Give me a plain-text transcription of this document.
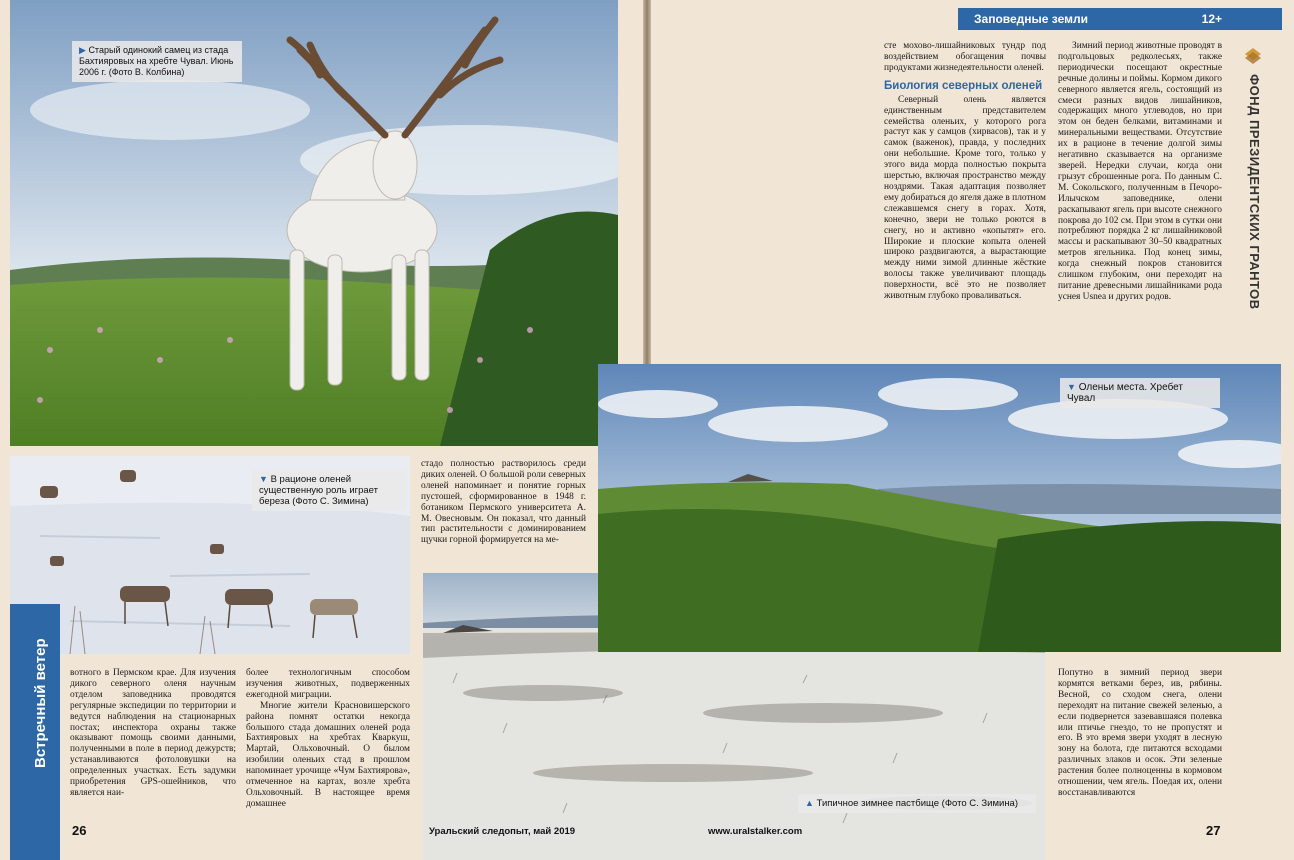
▶ Старый одинокий самец из стада Бахтияровых на хребте Чувал. Июнь 2006 г. (Фото В. Колбина)
▼ В рационе оленей существенную роль играет береза (Фото С. Зимина)

стадо полностью растворилось среди диких оленей. О большой роли северных оленей напоминает и понятие горных пустошей, сформированное в 1948 г. ботаником Пермского университета А. М. Овесновым. Он показал, что данный тип растительности с доминированием щучки горной формируется на ме-

Встречный ветер вотного в Пермском крае. Для изучения дикого северного оленя научным отделом заповедника проводятся регулярные экспедиции по территории и ведутся наблюдения на стационарных постах; инспектора охраны также оказывают помощь своими данными, полученными в поле в период дежурств; устанавливаются фотоловушки на определенных участках. Есть задумки приобретения GPS-ошейников, что является наи-

более технологичным способом изучения животных, подверженных ежегодной миграции.

Многие жители Красновишерского района помнят остатки некогда большого стада домашних оленей рода Бахтияровых на хребтах Кваркуш, Мартай, Ольховочный. О былом изобилии оленьих стад в прошлом напоминает урочище «Чум Бахтиярова», отмеченное на картах, возле хребта Ольховочный. В настоящее время домашнее

26
▲ Типичное зимнее пастбище (Фото С. Зимина)
Уральский следопыт, май 2019	www.uralstalker.com
▼ Оленьи места. Хребет Чувал
Заповедные земли	12+
ФОНД ПРЕЗИДЕНТСКИХ ГРАНТОВ

сте мохово-лишайниковых тундр под воздействием обогащения почвы продуктами жизнедеятельности оленей.

Биология северных оленей

Северный олень является единственным представителем семейства оленьих, у которого рога растут как у самцов (хирвасов), так и у самок (важенок), правда, у последних они небольшие. Кроме того, только у этого вида морда полностью покрыта шерстью, включая пространство между ноздрями. Такая адаптация позволяет ему добираться до ягеля даже в плотном слежавшемся снегу в горах. Хотя, конечно, звери не только роются в снегу, но и активно «копытят» его. Широкие и плоские копыта оленей широко раздвигаются, а вырастающие между ними зимой длинные жёсткие волосы также увеличивают площадь поверхности, всё это не позволяет животным глубоко проваливаться.

Зимний период животные проводят в подгольцовых редколесьях, также периодически посещают окрестные речные долины и поймы. Кормом дикого северного является ягель, состоящий из смеси разных видов лишайников, содержащих много углеводов, но при этом он беден белками, витаминами и минеральными веществами. Отсутствие их в рационе в течение долгой зимы негативно сказывается на организме зверей. Нередки случаи, когда они грызут сброшенные рога. По данным С. М. Сокольского, полученным в Печоро-Илычском заповеднике, олени раскапывают ягель при высоте снежного покрова до 102 см. При этом в сутки они потребляют порядка 2 кг лишайниковой массы и раскапывают 30–50 квадратных метров ягельника. Под конец зимы, когда снежный покров становится слишком глубоким, они переходят на питание древесными лишайниками рода уснея Usnea и других родов.

Попутно в зимний период звери кормятся ветками берез, ив, рябины. Весной, со сходом снега, олени переходят на питание свежей зеленью, а если подвернется зазевавшаяся полевка или птичье гнездо, то не пропустят и его. В это время звери уходят в лесную зону на болота, где питаются всходами различных злаков и осок. Эти зеленые растения более полноценны в кормовом отношении, чем ягель. Поедая их, олени восстанавливаются

27
